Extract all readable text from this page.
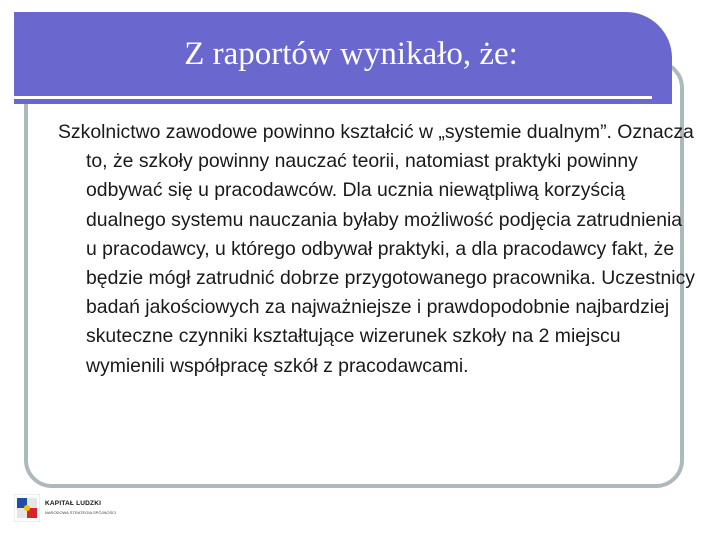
Z raportów wynikało, że:

Szkolnictwo zawodowe powinno kształcić w „systemie dualnym”. Oznacza to, że szkoły powinny nauczać teorii, natomiast praktyki powinny odbywać się u pracodawców. Dla ucznia niewątpliwą korzyścią dualnego systemu nauczania byłaby możliwość podjęcia zatrudnienia u pracodawcy, u którego odbywał praktyki, a dla pracodawcy fakt, że będzie mógł zatrudnić dobrze przygotowanego pracownika. Uczestnicy badań jakościowych za najważniejsze i prawdopodobnie najbardziej skuteczne czynniki kształtujące wizerunek szkoły na 2 miejscu wymienili współpracę szkół z pracodawcami.

KAPITAŁ LUDZKI
NARODOWA STRATEGIA SPÓJNOŚCI
